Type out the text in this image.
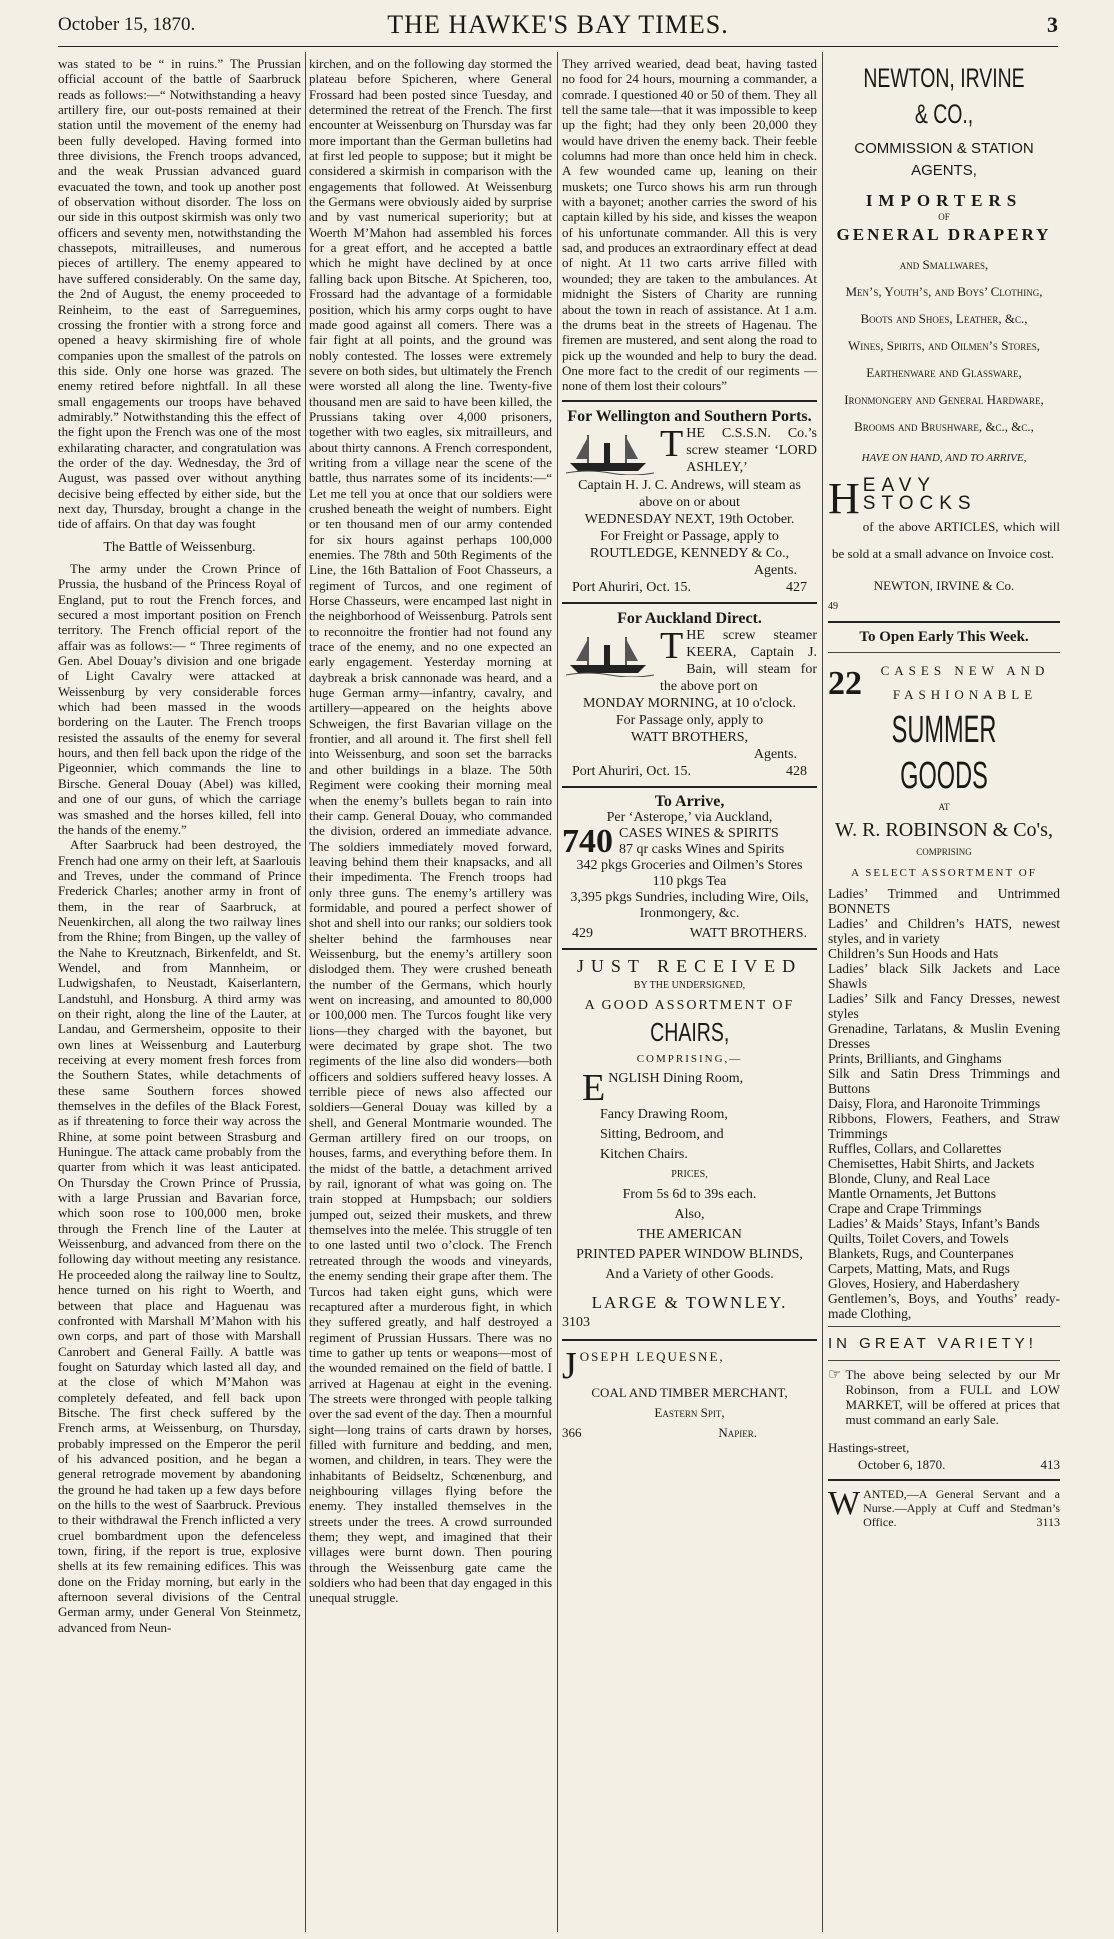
October 15, 1870.	THE HAWKE'S BAY TIMES.	3

was stated to be “ in ruins.” The Prussian official account of the battle of Saarbruck reads as follows:—“ Notwithstanding a heavy artillery fire, our out-posts remained at their station until the movement of the enemy had been fully developed. Having formed into three divisions, the French troops advanced, and the weak Prussian advanced guard evacuated the town, and took up another post of observation without disorder. The loss on our side in this outpost skirmish was only two officers and seventy men, notwithstanding the chassepots, mitrailleuses, and numerous pieces of artillery. The enemy appeared to have suffered considerably. On the same day, the 2nd of August, the enemy proceeded to Reinheim, to the east of Sarreguemines, crossing the frontier with a strong force and opened a heavy skirmishing fire of whole companies upon the smallest of the patrols on this side. Only one horse was grazed. The enemy retired before nightfall. In all these small engagements our troops have behaved admirably.” Notwithstanding this the effect of the fight upon the French was one of the most exhilarating character, and congratulation was the order of the day. Wednesday, the 3rd of August, was passed over without anything decisive being effected by either side, but the next day, Thursday, brought a change in the tide of affairs. On that day was fought

The Battle of Weissenburg.

The army under the Crown Prince of Prussia, the husband of the Princess Royal of England, put to rout the French forces, and secured a most important position on French territory. The French official report of the affair was as follows:— “ Three regiments of Gen. Abel Douay’s division and one brigade of Light Cavalry were attacked at Weissenburg by very considerable forces which had been massed in the woods bordering on the Lauter. The French troops resisted the assaults of the enemy for several hours, and then fell back upon the ridge of the Pigeonnier, which commands the line to Birsche. General Douay (Abel) was killed, and one of our guns, of which the carriage was smashed and the horses killed, fell into the hands of the enemy.”

After Saarbruck had been destroyed, the French had one army on their left, at Saarlouis and Treves, under the command of Prince Frederick Charles; another army in front of them, in the rear of Saarbruck, at Neuenkirchen, all along the two railway lines from the Rhine; from Bingen, up the valley of the Nahe to Kreutznach, Birkenfeldt, and St. Wendel, and from Mannheim, or Ludwigshafen, to Neustadt, Kaiserlantern, Landstuhl, and Honsburg. A third army was on their right, along the line of the Lauter, at Landau, and Germersheim, opposite to their own lines at Weissenburg and Lauterburg receiving at every moment fresh forces from the Southern States, while detachments of these same Southern forces showed themselves in the defiles of the Black Forest, as if threatening to force their way across the Rhine, at some point between Strasburg and Huningue. The attack came probably from the quarter from which it was least anticipated. On Thursday the Crown Prince of Prussia, with a large Prussian and Bavarian force, which soon rose to 100,000 men, broke through the French line of the Lauter at Weissenburg, and advanced from there on the following day without meeting any resistance. He proceeded along the railway line to Soultz, hence turned on his right to Woerth, and between that place and Haguenau was confronted with Marshall M’Mahon with his own corps, and part of those with Marshall Canrobert and General Failly. A battle was fought on Saturday which lasted all day, and at the close of which M’Mahon was completely defeated, and fell back upon Bitsche. The first check suffered by the French arms, at Weissenburg, on Thursday, probably impressed on the Emperor the peril of his advanced position, and he began a general retrograde movement by abandoning the ground he had taken up a few days before on the hills to the west of Saarbruck. Previous to their withdrawal the French inflicted a very cruel bombardment upon the defenceless town, firing, if the report is true, explosive shells at its few remaining edifices. This was done on the Friday morning, but early in the afternoon several divisions of the Central German army, under General Von Steinmetz, advanced from Neun-

kirchen, and on the following day stormed the plateau before Spicheren, where General Frossard had been posted since Tuesday, and determined the retreat of the French. The first encounter at Weissenburg on Thursday was far more important than the German bulletins had at first led people to suppose; but it might be considered a skirmish in comparison with the engagements that followed. At Weissenburg the Germans were obviously aided by surprise and by vast numerical superiority; but at Woerth M’Mahon had assembled his forces for a great effort, and he accepted a battle which he might have declined by at once falling back upon Bitsche. At Spicheren, too, Frossard had the advantage of a formidable position, which his army corps ought to have made good against all comers. There was a fair fight at all points, and the ground was nobly contested. The losses were extremely severe on both sides, but ultimately the French were worsted all along the line. Twenty-five thousand men are said to have been killed, the Prussians taking over 4,000 prisoners, together with two eagles, six mitrailleurs, and about thirty cannons. A French correspondent, writing from a village near the scene of the battle, thus narrates some of its incidents:—“ Let me tell you at once that our soldiers were crushed beneath the weight of numbers. Eight or ten thousand men of our army contended for six hours against perhaps 100,000 enemies. The 78th and 50th Regiments of the Line, the 16th Battalion of Foot Chasseurs, a regiment of Turcos, and one regiment of Horse Chasseurs, were encamped last night in the neighborhood of Weissenburg. Patrols sent to reconnoitre the frontier had not found any trace of the enemy, and no one expected an early engagement. Yesterday morning at daybreak a brisk cannonade was heard, and a huge German army—infantry, cavalry, and artillery—appeared on the heights above Schweigen, the first Bavarian village on the frontier, and all around it. The first shell fell into Weissenburg, and soon set the barracks and other buildings in a blaze. The 50th Regiment were cooking their morning meal when the enemy’s bullets began to rain into their camp. General Douay, who commanded the division, ordered an immediate advance. The soldiers immediately moved forward, leaving behind them their knapsacks, and all their impedimenta. The French troops had only three guns. The enemy’s artillery was formidable, and poured a perfect shower of shot and shell into our ranks; our soldiers took shelter behind the farmhouses near Weissenburg, but the enemy’s artillery soon dislodged them. They were crushed beneath the number of the Germans, which hourly went on increasing, and amounted to 80,000 or 100,000 men. The Turcos fought like very lions—they charged with the bayonet, but were decimated by grape shot. The two regiments of the line also did wonders—both officers and soldiers suffered heavy losses. A terrible piece of news also affected our soldiers—General Douay was killed by a shell, and General Montmarie wounded. The German artillery fired on our troops, on houses, farms, and everything before them. In the midst of the battle, a detachment arrived by rail, ignorant of what was going on. The train stopped at Humpsbach; our soldiers jumped out, seized their muskets, and threw themselves into the melée. This struggle of ten to one lasted until two o’clock. The French retreated through the woods and vineyards, the enemy sending their grape after them. The Turcos had taken eight guns, which were recaptured after a murderous fight, in which they suffered greatly, and half destroyed a regiment of Prussian Hussars. There was no time to gather up tents or weapons—most of the wounded remained on the field of battle. I arrived at Hagenau at eight in the evening. The streets were thronged with people talking over the sad event of the day. Then a mournful sight—long trains of carts drawn by horses, filled with furniture and bedding, and men, women, and children, in tears. They were the inhabitants of Beidseltz, Schœnenburg, and neighbouring villages flying before the enemy. They installed themselves in the streets under the trees. A crowd surrounded them; they wept, and imagined that their villages were burnt down. Then pouring through the Weissenburg gate came the soldiers who had been that day engaged in this unequal struggle.

They arrived wearied, dead beat, having tasted no food for 24 hours, mourning a commander, a comrade. I questioned 40 or 50 of them. They all tell the same tale—that it was impossible to keep up the fight; had they only been 20,000 they would have driven the enemy back. Their feeble columns had more than once held him in check. A few wounded came up, leaning on their muskets; one Turco shows his arm run through with a bayonet; another carries the sword of his captain killed by his side, and kisses the weapon of his unfortunate commander. All this is very sad, and produces an extraordinary effect at dead of night. At 11 two carts arrive filled with wounded; they are taken to the ambulances. At midnight the Sisters of Charity are running about the town in reach of assistance. At 1 a.m. the drums beat in the streets of Hagenau. The firemen are mustered, and sent along the road to pick up the wounded and help to bury the dead. One more fact to the credit of our regiments — none of them lost their colours”

For Wellington and Southern Ports.
THE C.S.S.N. Co.’s screw steamer ‘LORD ASHLEY,’
Captain H. J. C. Andrews, will steam as above on or about
WEDNESDAY NEXT, 19th October.
For Freight or Passage, apply to
ROUTLEDGE, KENNEDY & Co.,
Agents.
Port Ahuriri, Oct. 15.	427
For Auckland Direct.
THE screw steamer KEERA, Captain J. Bain, will steam for the above port on
MONDAY MORNING, at 10 o'clock.
For Passage only, apply to
WATT BROTHERS,
Agents.
Port Ahuriri, Oct. 15.	428
To Arrive,
Per ‘Asterope,’ via Auckland,
740 CASES WINES & SPIRITS
87 qr casks Wines and Spirits
342 pkgs Groceries and Oilmen’s Stores
110 pkgs Tea
3,395 pkgs Sundries, including Wire, Oils, Ironmongery, &c.
429	WATT BROTHERS.
JUST RECEIVED
BY THE UNDERSIGNED,
A GOOD ASSORTMENT OF
CHAIRS,
COMPRISING,—
ENGLISH Dining Room,
Fancy Drawing Room,
Sitting, Bedroom, and
Kitchen Chairs.
PRICES,
From 5s 6d to 39s each.
Also,
THE AMERICAN
PRINTED PAPER WINDOW BLINDS,
And a Variety of other Goods.
LARGE & TOWNLEY.
3103
JOSEPH LEQUESNE,
COAL AND TIMBER MERCHANT,
Eastern Spit,
366	Napier.
NEWTON, IRVINE & CO.,
COMMISSION & STATION AGENTS,
IMPORTERS
OF
GENERAL DRAPERY
and Smallwares,
Men’s, Youth’s, and Boys’ Clothing,
Boots and Shoes, Leather, &c.,
Wines, Spirits, and Oilmen’s Stores,
Earthenware and Glassware,
Ironmongery and General Hardware,
Brooms and Brushware, &c., &c.,
HAVE ON HAND, AND TO ARRIVE,
HEAVY STOCKS
of the above ARTICLES, which will be sold at a small advance on Invoice cost.
NEWTON, IRVINE & Co.
49
To Open Early This Week.
22	CASES NEW AND FASHIONABLE
SUMMER GOODS
AT
W. R. ROBINSON & Co's,
COMPRISING
A SELECT ASSORTMENT OF
Ladies’ Trimmed and Untrimmed BONNETS
Ladies’ and Children’s HATS, newest styles, and in variety
Children’s Sun Hoods and Hats
Ladies’ black Silk Jackets and Lace Shawls
Ladies’ Silk and Fancy Dresses, newest styles
Grenadine, Tarlatans, & Muslin Evening Dresses
Prints, Brilliants, and Ginghams
Silk and Satin Dress Trimmings and Buttons
Daisy, Flora, and Haronoite Trimmings
Ribbons, Flowers, Feathers, and Straw Trimmings
Ruffles, Collars, and Collarettes
Chemisettes, Habit Shirts, and Jackets
Blonde, Cluny, and Real Lace
Mantle Ornaments, Jet Buttons
Crape and Crape Trimmings
Ladies’ & Maids’ Stays, Infant’s Bands
Quilts, Toilet Covers, and Towels
Blankets, Rugs, and Counterpanes
Carpets, Matting, Mats, and Rugs
Gloves, Hosiery, and Haberdashery
Gentlemen’s, Boys, and Youths’ ready-made Clothing,
IN GREAT VARIETY!
☞ The above being selected by our Mr Robinson, from a FULL and LOW MARKET, will be offered at prices that must command an early Sale.
Hastings-street,
October 6, 1870.	413
WANTED,—A General Servant and a Nurse.—Apply at Cuff and Stedman’s Office.	3113
